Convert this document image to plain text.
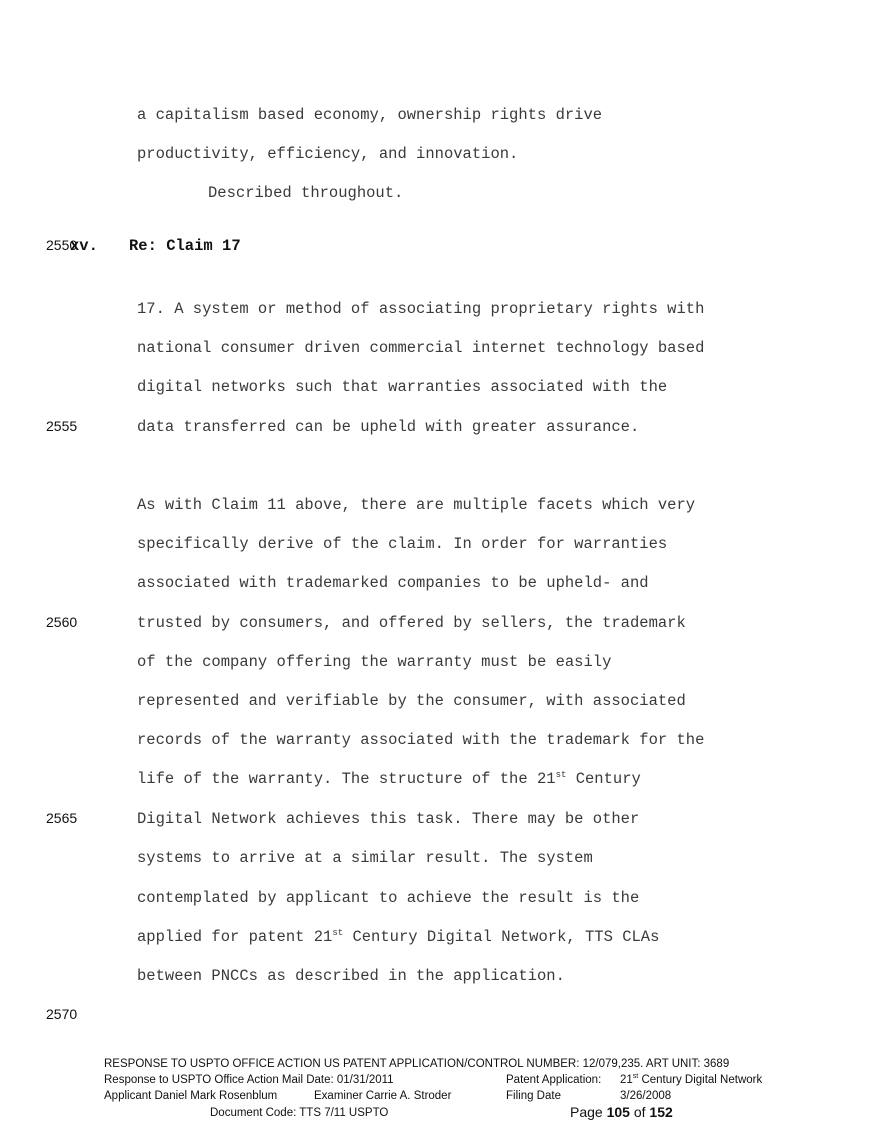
a capitalism based economy, ownership rights drive
productivity, efficiency, and innovation.
Described throughout.
2550
xv. Re: Claim 17
17. A system or method of associating proprietary rights with
national consumer driven commercial internet technology based
digital networks such that warranties associated with the
2555	data transferred can be upheld with greater assurance.
As with Claim 11 above, there are multiple facets which very
specifically derive of the claim. In order for warranties
associated with trademarked companies to be upheld- and
2560	trusted by consumers, and offered by sellers, the trademark
of the company offering the warranty must be easily
represented and verifiable by the consumer, with associated
records of the warranty associated with the trademark for the
life of the warranty. The structure of the 21st Century
2565	Digital Network achieves this task. There may be other
systems to arrive at a similar result. The system
contemplated by applicant to achieve the result is the
applied for patent 21st Century Digital Network, TTS CLAs
between PNCCs as described in the application.
2570
RESPONSE TO USPTO OFFICE ACTION US PATENT APPLICATION/CONTROL NUMBER: 12/079,235. ART UNIT: 3689
Response to USPTO Office Action Mail Date: 01/31/2011	Patent Application: 21st Century Digital Network
Applicant Daniel Mark Rosenblum	Examiner Carrie A. Stroder	Filing Date	3/26/2008
Document Code: TTS 7/11 USPTO	Page 105 of 152
